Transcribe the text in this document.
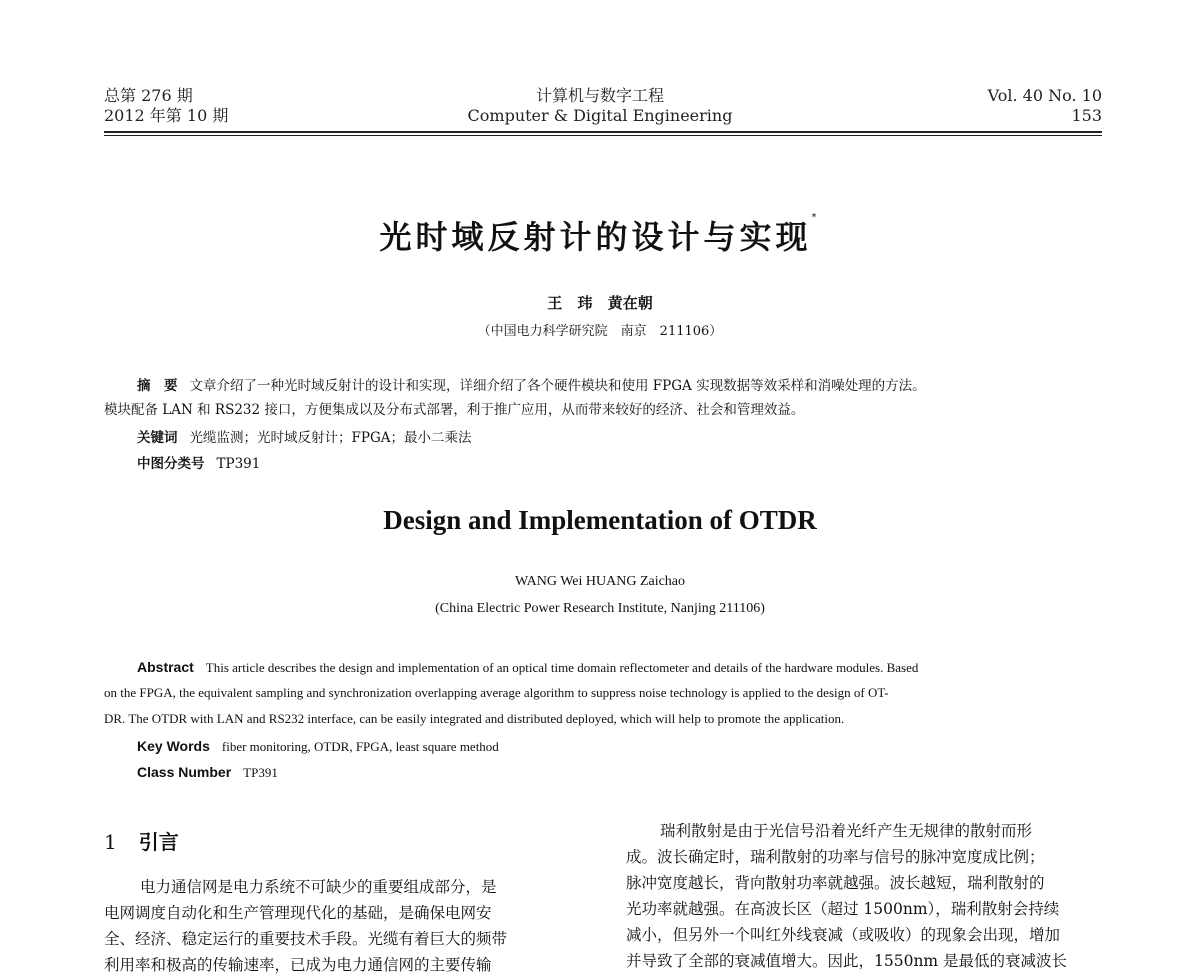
总第 276 期
2012 年第 10 期
计算机与数字工程
Computer & Digital Engineering
Vol. 40 No. 10
153
光时域反射计的设计与实现*
王 玮 黄在朝
（中国电力科学研究院　南京　211106）
摘　要 文章介绍了一种光时域反射计的设计和实现，详细介绍了各个硬件模块和使用 FPGA 实现数据等效采样和消噪处理的方法。
模块配备 LAN 和 RS232 接口，方便集成以及分布式部署，利于推广应用，从而带来较好的经济、社会和管理效益。
关键词 光缆监测；光时域反射计；FPGA；最小二乘法
中图分类号 TP391
Design and Implementation of OTDR
WANG Wei HUANG Zaichao
(China Electric Power Research Institute, Nanjing 211106)
Abstract This article describes the design and implementation of an optical time domain reflectometer and details of the hardware modules. Based
on the FPGA, the equivalent sampling and synchronization overlapping average algorithm to suppress noise technology is applied to the design of OT-
DR. The OTDR with LAN and RS232 interface, can be easily integrated and distributed deployed, which will help to promote the application.
Key Words fiber monitoring, OTDR, FPGA, least square method
Class Number TP391
1 引言
电力通信网是电力系统不可缺少的重要组成部分，是
电网调度自动化和生产管理现代化的基础，是确保电网安
全、经济、稳定运行的重要技术手段。光缆有着巨大的频带
利用率和极高的传输速率，已成为电力通信网的主要传输
瑞利散射是由于光信号沿着光纤产生无规律的散射而形
成。波长确定时，瑞利散射的功率与信号的脉冲宽度成比例；
脉冲宽度越长，背向散射功率就越强。波长越短，瑞利散射的
光功率就越强。在高波长区（超过 1500nm），瑞利散射会持续
减小，但另外一个叫红外线衰减（或吸收）的现象会出现，增加
并导致了全部的衰减值增大。因此，1550nm 是最低的衰减波长
